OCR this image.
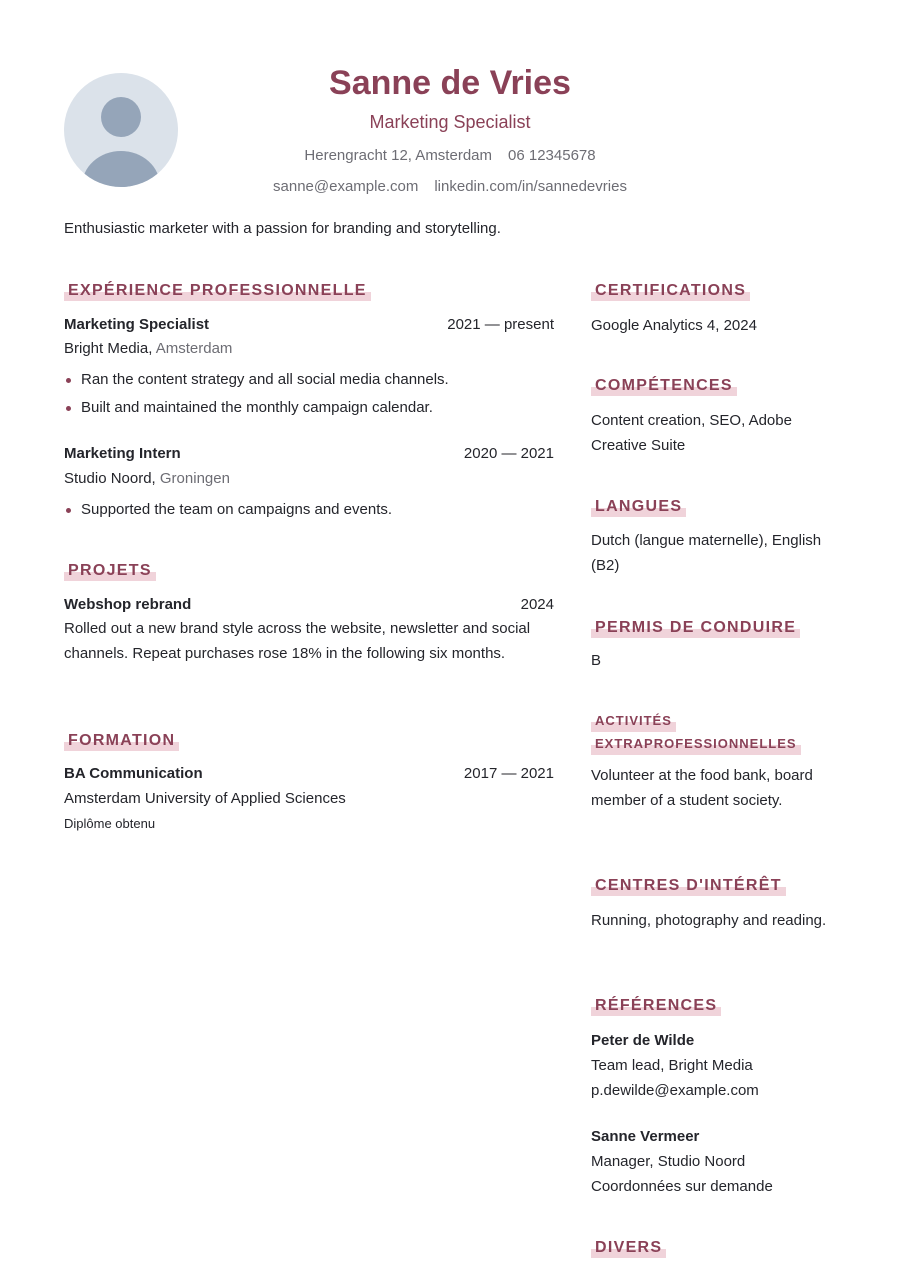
Sanne de Vries
Marketing Specialist
Herengracht 12, Amsterdam 06 12345678
sanne@example.com linkedin.com/in/sannedevries
Enthusiastic marketer with a passion for branding and storytelling.
EXPÉRIENCE PROFESSIONNELLE
Marketing Specialist	2021 — present
Bright Media, Amsterdam
Ran the content strategy and all social media channels.
Built and maintained the monthly campaign calendar.
Marketing Intern	2020 — 2021
Studio Noord, Groningen
Supported the team on campaigns and events.
PROJETS
Webshop rebrand	2024
Rolled out a new brand style across the website, newsletter and social channels. Repeat purchases rose 18% in the following six months.
FORMATION
BA Communication	2017 — 2021
Amsterdam University of Applied Sciences
Diplôme obtenu
CERTIFICATIONS
Google Analytics 4, 2024
COMPÉTENCES
Content creation, SEO, Adobe Creative Suite
LANGUES
Dutch (langue maternelle), English (B2)
PERMIS DE CONDUIRE
B
ACTIVITÉS
EXTRAPROFESSIONNELLES
Volunteer at the food bank, board member of a student society.
CENTRES D'INTÉRÊT
Running, photography and reading.
RÉFÉRENCES
Peter de Wilde
Team lead, Bright Media
p.dewilde@example.com
Sanne Vermeer
Manager, Studio Noord
Coordonnées sur demande
DIVERS
